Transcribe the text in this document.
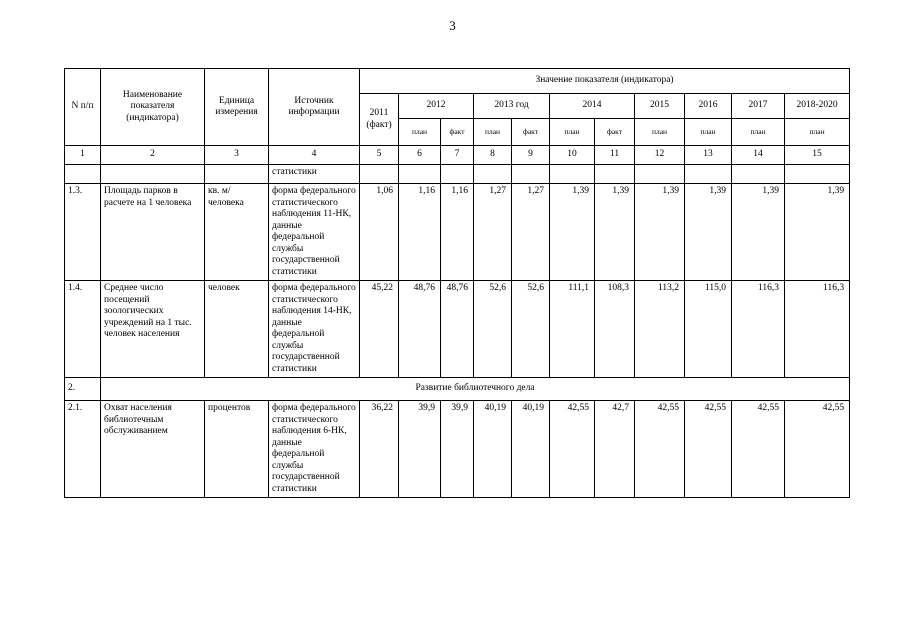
3
N п/п	Наименование показателя (индикатора)	Единица измерения	Источник информации	Значение показателя (индикатора)										
				2011 (факт)	2012		2013 год		2014		2015	2016	2017	2018-2020
					план	факт	план	факт	план	факт	план	план	план	план
1	2	3	4	5	6	7	8	9	10	11	12	13	14	15
			статистики											
1.3.	Площадь парков в расчете на 1 человека	кв. м/человека	форма федерального статистического наблюдения 11-НК, данные федеральной службы государственной статистики	1,06	1,16	1,16	1,27	1,27	1,39	1,39	1,39	1,39	1,39	1,39
1.4.	Среднее число посещений зоологических учреждений на 1 тыс. человек населения	человек	форма федерального статистического наблюдения 14-НК, данные федеральной службы государственной статистики	45,22	48,76	48,76	52,6	52,6	111,1	108,3	113,2	115,0	116,3	116,3
2.	Развитие библиотечного дела													
2.1.	Охват населения библиотечным обслуживанием	процентов	форма федерального статистического наблюдения 6-НК, данные федеральной службы государственной статистики	36,22	39,9	39,9	40,19	40,19	42,55	42,7	42,55	42,55	42,55	42,55
